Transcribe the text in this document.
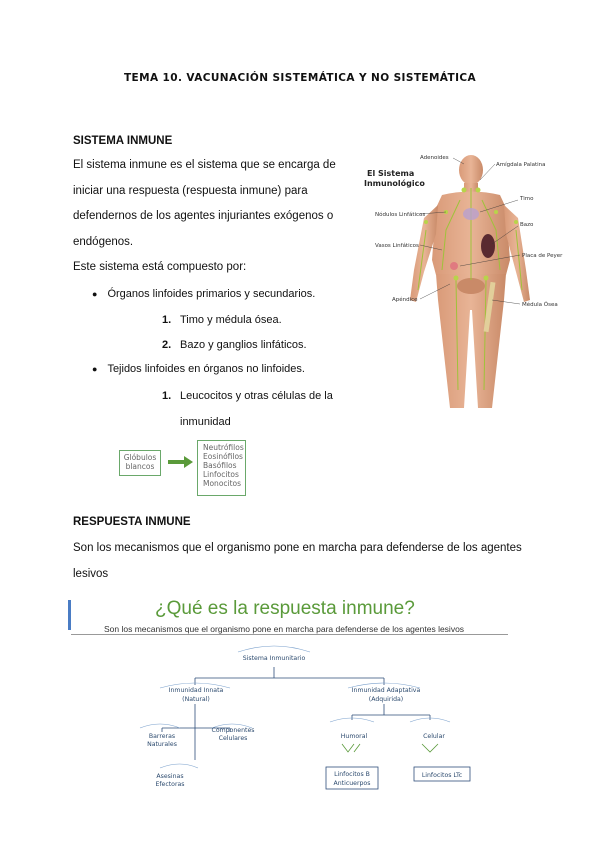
TEMA 10. VACUNACIÓN SISTEMÁTICA Y NO SISTEMÁTICA
SISTEMA INMUNE
El sistema inmune es el sistema que se encarga de
iniciar una respuesta (respuesta inmune) para
defendernos de los agentes injuriantes exógenos o
endógenos.
Este sistema está compuesto por:
● Órganos linfoides primarios y secundarios.
1. Timo y médula ósea.
2. Bazo y ganglios linfáticos.
● Tejidos linfoides en órganos no linfoides.
1. Leucocitos y otras células de la
inmunidad
El Sistema
Inmunológico
Adenoides
Amígdala Palatina
Timo
Nódulos Linfáticos
Bazo
Vasos Linfáticos
Placa de Peyer
Apéndice
Médula Ósea
Glóbulos
blancos
Neutrófilos
Eosinófilos
Basófilos
Linfocitos
Monocitos
RESPUESTA INMUNE
Son los mecanismos que el organismo pone en marcha para defenderse de los agentes
lesivos
¿Qué es la respuesta inmune?
Son los mecanismos que el organismo pone en marcha para defenderse de los agentes lesivos
Sistema Inmunitario
Inmunidad Innata
(Natural)
Inmunidad Adaptativa
(Adquirida)
Barreras
Naturales
Componentes
Celulares
Asesinas
Efectoras
Humoral	Celular
Linfocitos B
Anticuerpos
Linfocitos LTc
